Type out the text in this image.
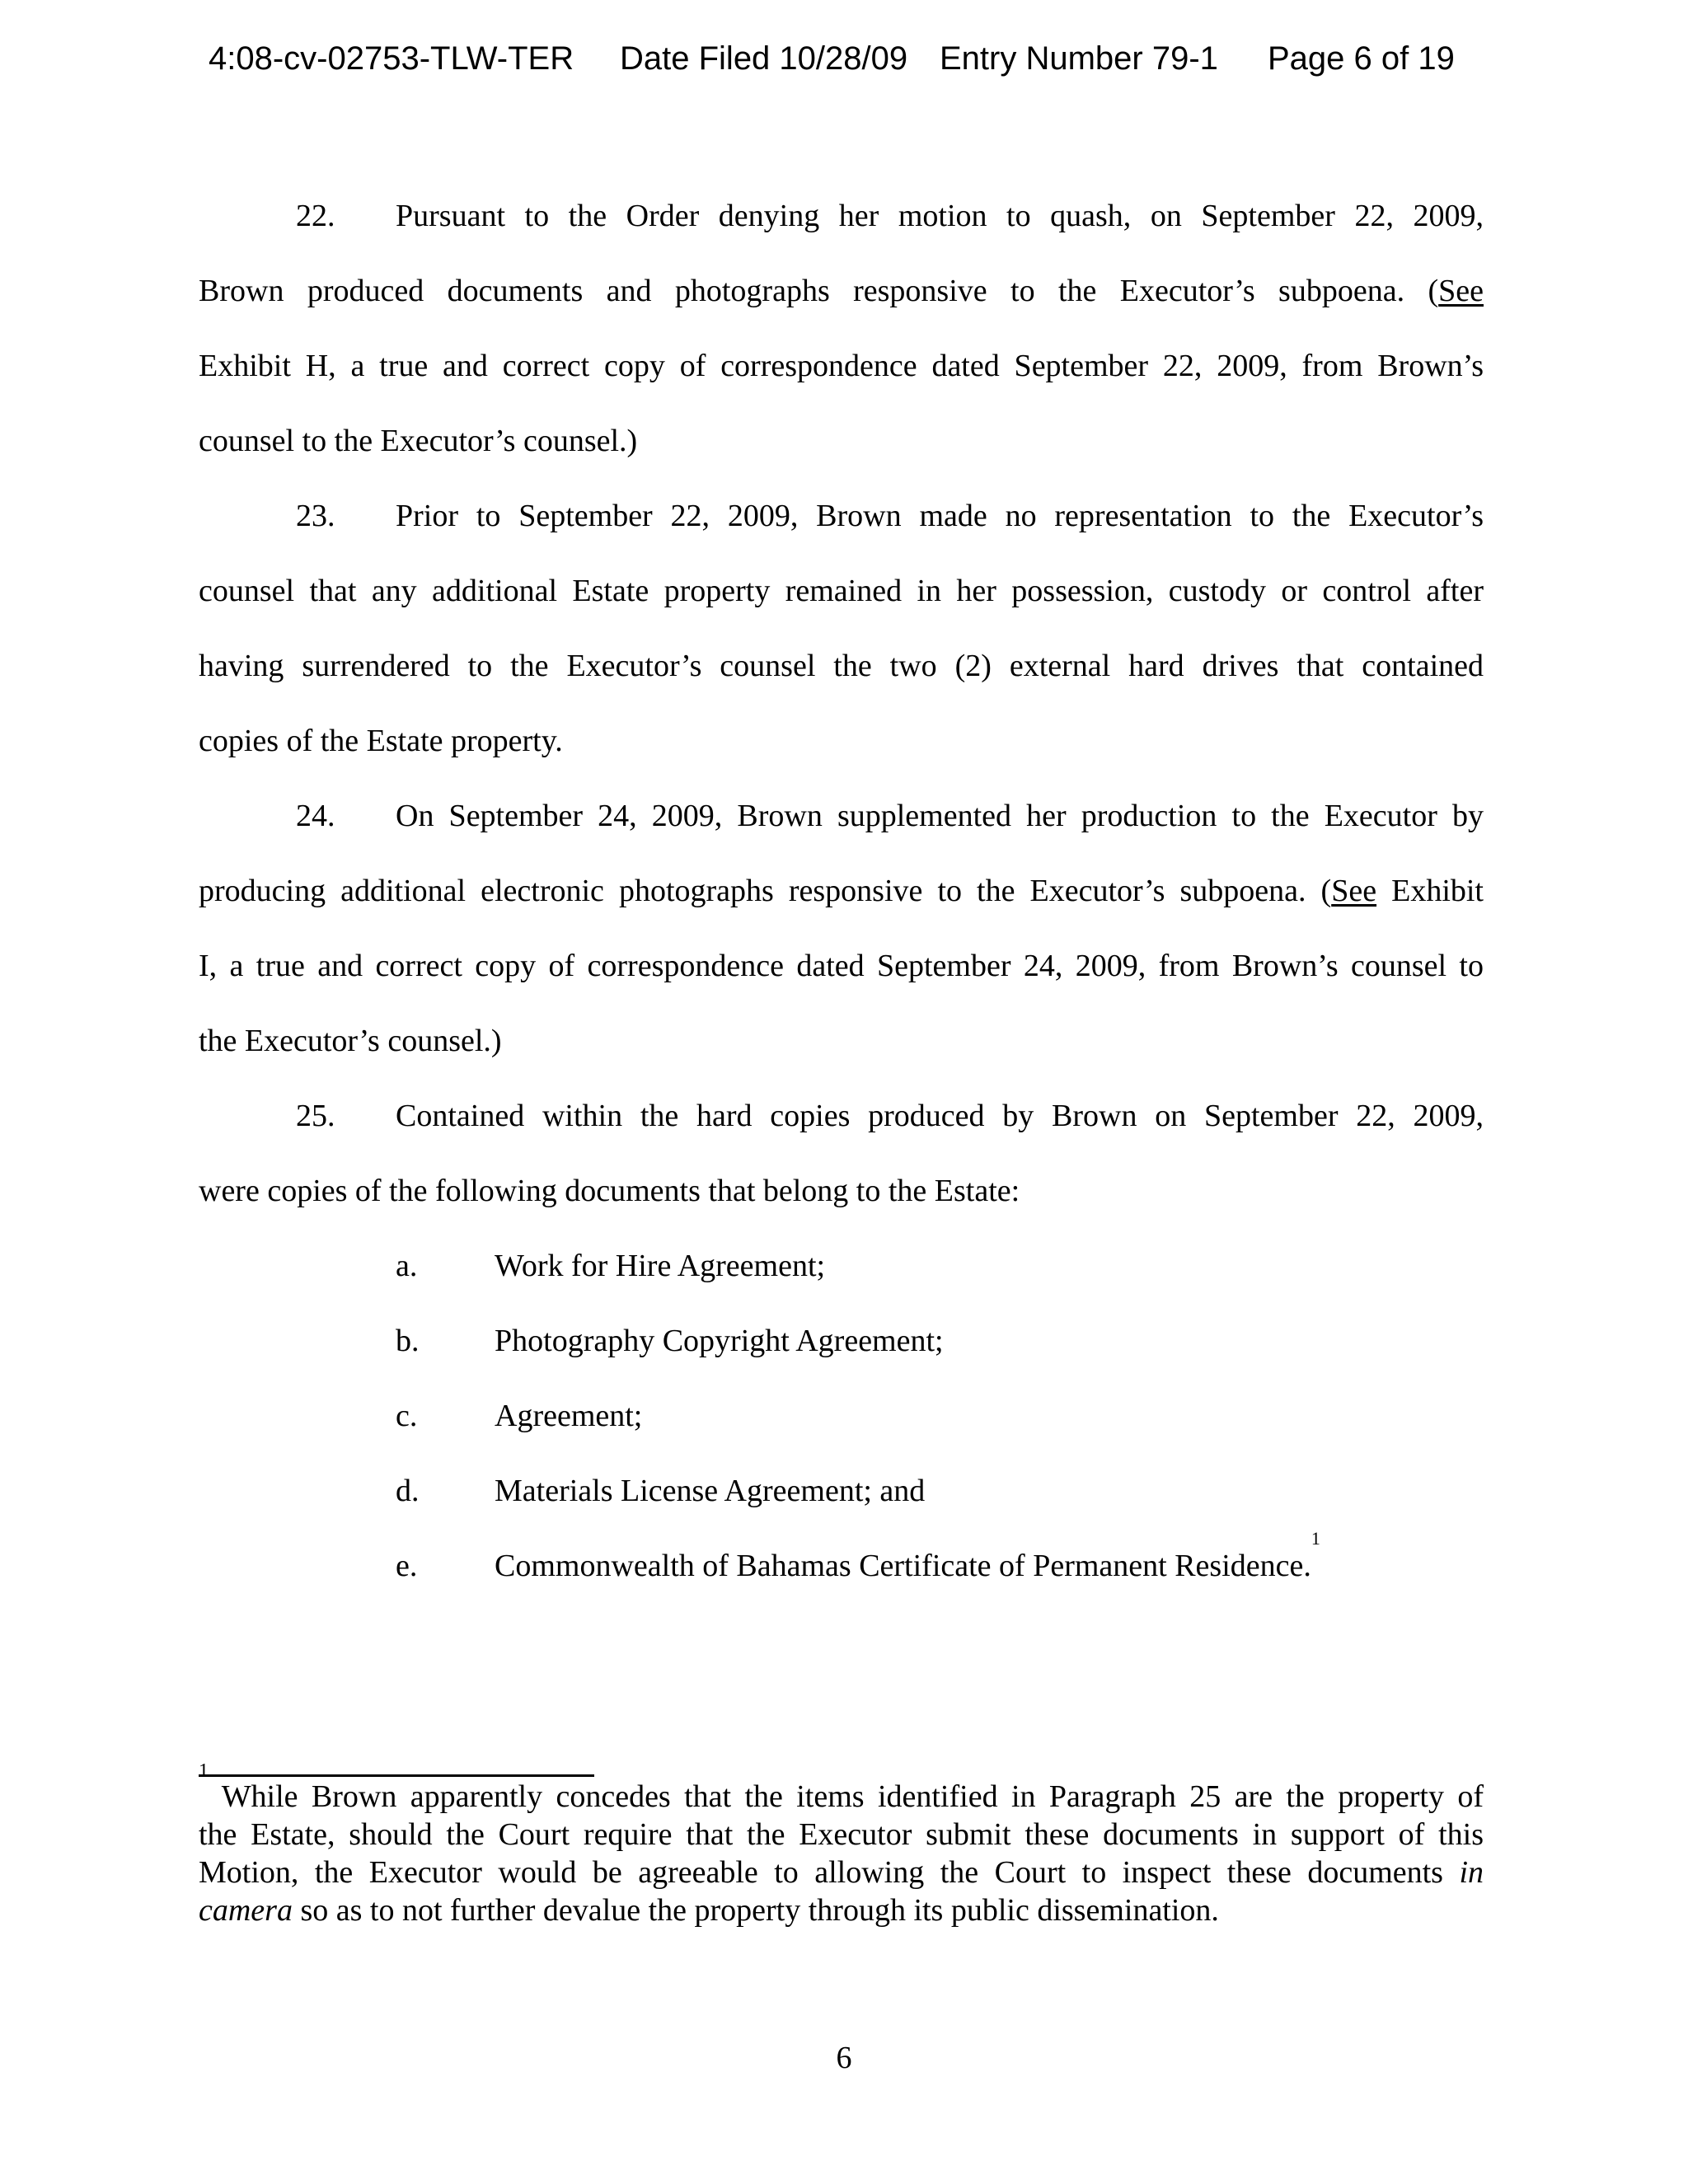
4:08-cv-02753-TLW-TER Date Filed 10/28/09 Entry Number 79-1 Page 6 of 19
22. Pursuant to the Order denying her motion to quash, on September 22, 2009,
Brown produced documents and photographs responsive to the Executor’s subpoena. (See
Exhibit H, a true and correct copy of correspondence dated September 22, 2009, from Brown’s
counsel to the Executor’s counsel.)
23. Prior to September 22, 2009, Brown made no representation to the Executor’s
counsel that any additional Estate property remained in her possession, custody or control after
having surrendered to the Executor’s counsel the two (2) external hard drives that contained
copies of the Estate property.
24. On September 24, 2009, Brown supplemented her production to the Executor by
producing additional electronic photographs responsive to the Executor’s subpoena. (See Exhibit
I, a true and correct copy of correspondence dated September 24, 2009, from Brown’s counsel to
the Executor’s counsel.)
25. Contained within the hard copies produced by Brown on September 22, 2009,
were copies of the following documents that belong to the Estate:
a. Work for Hire Agreement;
b. Photography Copyright Agreement;
c. Agreement;
d. Materials License Agreement; and
e. Commonwealth of Bahamas Certificate of Permanent Residence.$^1$
$^1$ While Brown apparently concedes that the items identified in Paragraph 25 are the property of
the Estate, should the Court require that the Executor submit these documents in support of this
Motion, the Executor would be agreeable to allowing the Court to inspect these documents in
camera so as to not further devalue the property through its public dissemination.
6
